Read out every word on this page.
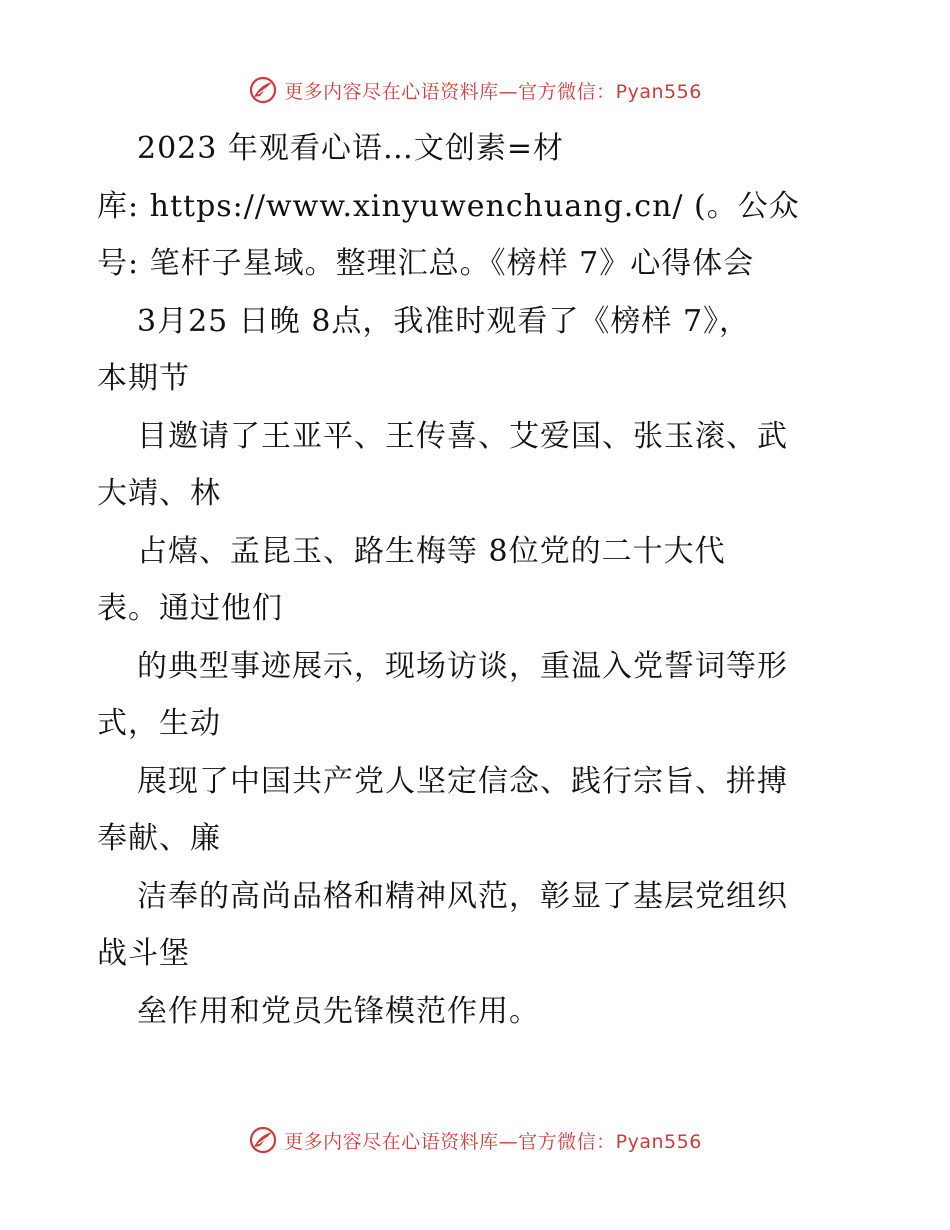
更多内容尽在心语资料库—官方微信：Pyan556
2023 年观看心语…文创素=材
库: https://www.xinyuwenchuang.cn/ (。公众
号: 笔杆子星域。整理汇总。《榜样 7》心得体会
3月25 日晚 8点，我准时观看了《榜样 7》，
本期节
目邀请了王亚平、王传喜、艾爱国、张玉滚、武
大靖、林
占熺、孟昆玉、路生梅等 8位党的二十大代
表。通过他们
的典型事迹展示，现场访谈，重温入党誓词等形
式，生动
展现了中国共产党人坚定信念、践行宗旨、拼搏
奉献、廉
洁奉的高尚品格和精神风范，彰显了基层党组织
战斗堡
垒作用和党员先锋模范作用。
更多内容尽在心语资料库—官方微信：Pyan556
